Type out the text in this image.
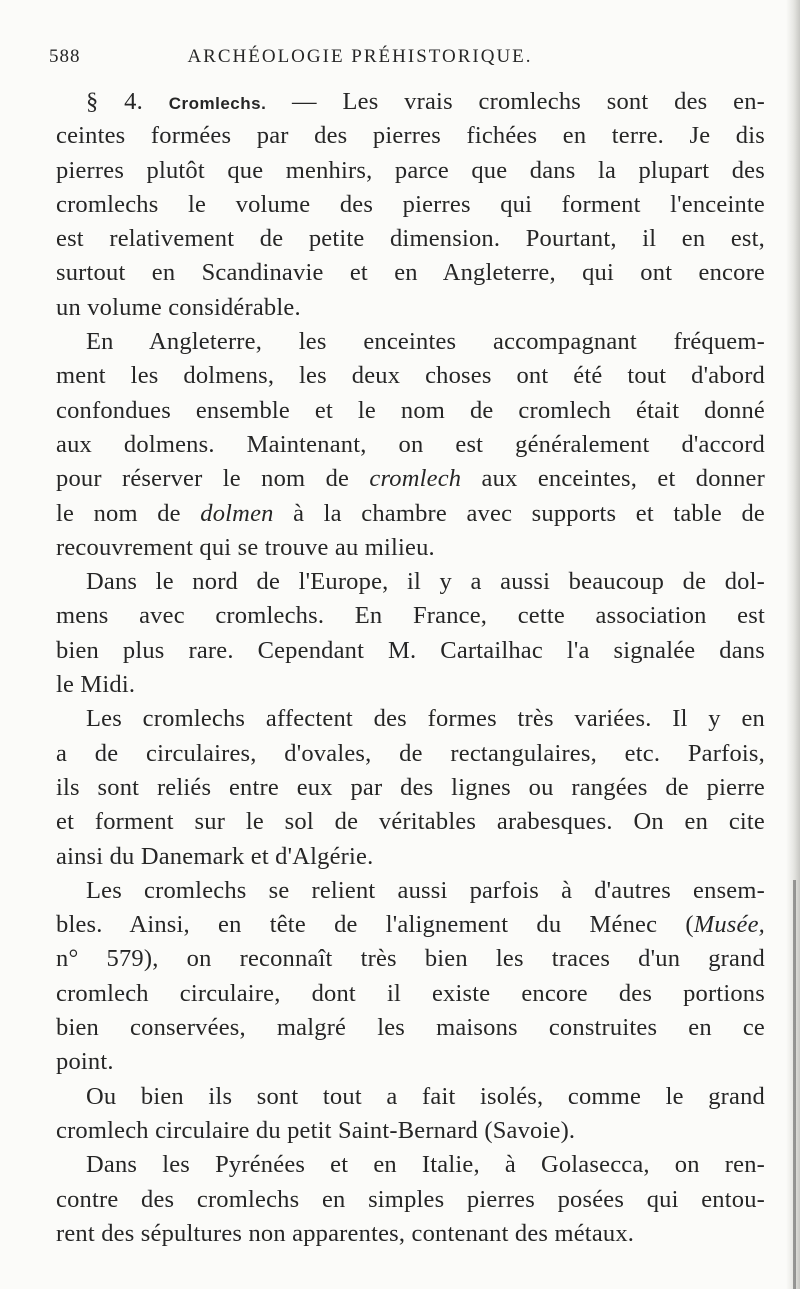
588	ARCHÉOLOGIE PRÉHISTORIQUE.
§ 4. Cromlechs. — Les vrais cromlechs sont des en-
ceintes formées par des pierres fichées en terre. Je dis
pierres plutôt que menhirs, parce que dans la plupart des
cromlechs le volume des pierres qui forment l'enceinte
est relativement de petite dimension. Pourtant, il en est,
surtout en Scandinavie et en Angleterre, qui ont encore
un volume considérable.
En Angleterre, les enceintes accompagnant fréquem-
ment les dolmens, les deux choses ont été tout d'abord
confondues ensemble et le nom de cromlech était donné
aux dolmens. Maintenant, on est généralement d'accord
pour réserver le nom de cromlech aux enceintes, et donner
le nom de dolmen à la chambre avec supports et table de
recouvrement qui se trouve au milieu.
Dans le nord de l'Europe, il y a aussi beaucoup de dol-
mens avec cromlechs. En France, cette association est
bien plus rare. Cependant M. Cartailhac l'a signalée dans
le Midi.
Les cromlechs affectent des formes très variées. Il y en
a de circulaires, d'ovales, de rectangulaires, etc. Parfois,
ils sont reliés entre eux par des lignes ou rangées de pierre
et forment sur le sol de véritables arabesques. On en cite
ainsi du Danemark et d'Algérie.
Les cromlechs se relient aussi parfois à d'autres ensem-
bles. Ainsi, en tête de l'alignement du Ménec (Musée,
n° 579), on reconnaît très bien les traces d'un grand
cromlech circulaire, dont il existe encore des portions
bien conservées, malgré les maisons construites en ce
point.
Ou bien ils sont tout a fait isolés, comme le grand
cromlech circulaire du petit Saint-Bernard (Savoie).
Dans les Pyrénées et en Italie, à Golasecca, on ren-
contre des cromlechs en simples pierres posées qui entou-
rent des sépultures non apparentes, contenant des métaux.
